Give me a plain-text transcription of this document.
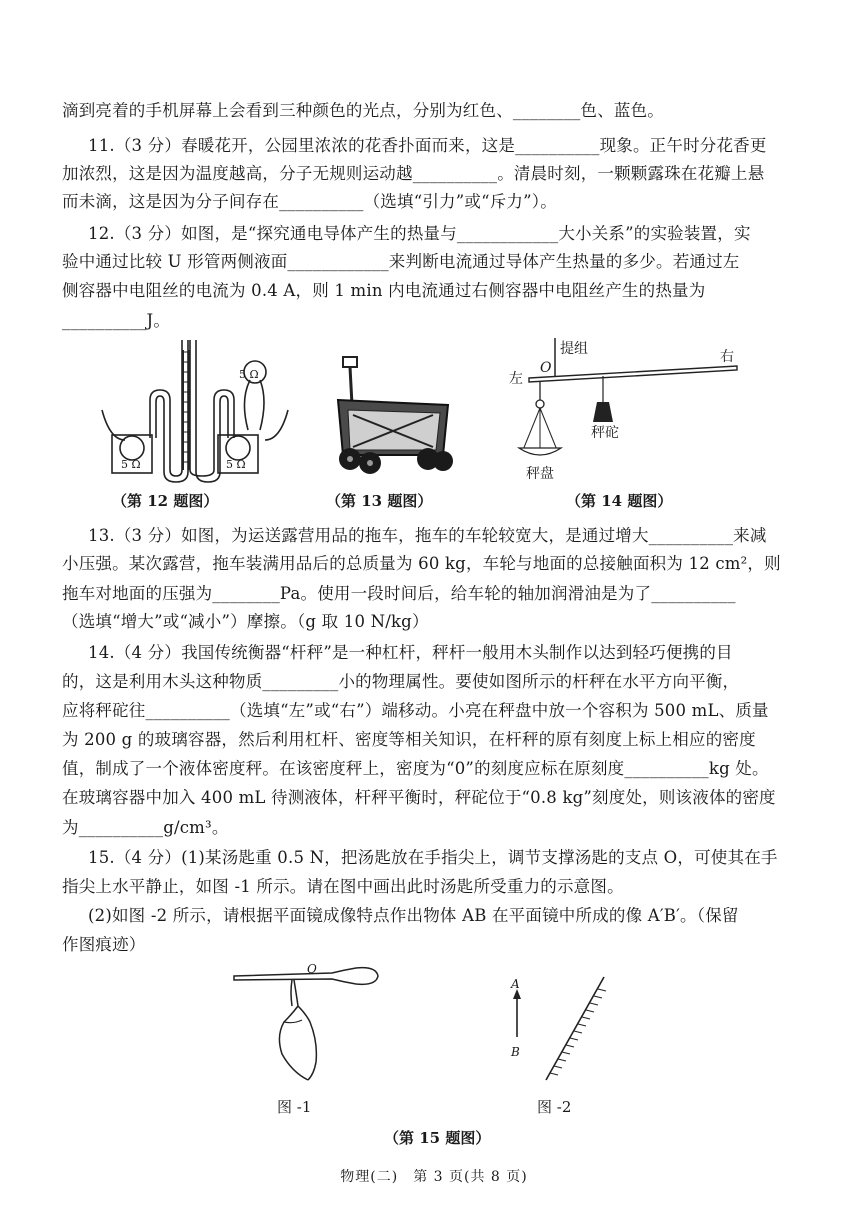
滴到亮着的手机屏幕上会看到三种颜色的光点，分别为红色、________色、蓝色。
11.（3 分）春暖花开，公园里浓浓的花香扑面而来，这是__________现象。正午时分花香更
加浓烈，这是因为温度越高，分子无规则运动越__________。清晨时刻，一颗颗露珠在花瓣上悬
而未滴，这是因为分子间存在__________（选填“引力”或“斥力”）。
12.（3 分）如图，是“探究通电导体产生的热量与____________大小关系”的实验装置，实
验中通过比较 U 形管两侧液面____________来判断电流通过导体产生热量的多少。若通过左
侧容器中电阻丝的电流为 0.4 A，则 1 min 内电流通过右侧容器中电阻丝产生的热量为
__________J。
5 Ω
5 Ω	5 Ω
提组
左
右
O
秤砣
秤盘
（第 12 题图）	（第 13 题图）	（第 14 题图）
13.（3 分）如图，为运送露营用品的拖车，拖车的车轮较宽大，是通过增大__________来减
小压强。某次露营，拖车装满用品后的总质量为 60 kg，车轮与地面的总接触面积为 12 cm²，则
拖车对地面的压强为________Pa。使用一段时间后，给车轮的轴加润滑油是为了__________
（选填“增大”或“减小”）摩擦。（g 取 10 N/kg）
14.（4 分）我国传统衡器“杆秤”是一种杠杆，秤杆一般用木头制作以达到轻巧便携的目
的，这是利用木头这种物质_________小的物理属性。要使如图所示的杆秤在水平方向平衡，
应将秤砣往__________（选填“左”或“右”）端移动。小亮在秤盘中放一个容积为 500 mL、质量
为 200 g 的玻璃容器，然后利用杠杆、密度等相关知识，在杆秤的原有刻度上标上相应的密度
值，制成了一个液体密度秤。在该密度秤上，密度为“0”的刻度应标在原刻度__________kg 处。
在玻璃容器中加入 400 mL 待测液体，杆秤平衡时，秤砣位于“0.8 kg”刻度处，则该液体的密度
为__________g/cm³。
15.（4 分）(1)某汤匙重 0.5 N，把汤匙放在手指尖上，调节支撑汤匙的支点 O，可使其在手
指尖上水平静止，如图 -1 所示。请在图中画出此时汤匙所受重力的示意图。
(2)如图 -2 所示，请根据平面镜成像特点作出物体 AB 在平面镜中所成的像 A′B′。（保留
作图痕迹）
O
A
B
图 -1	图 -2
（第 15 题图）
物理(二)　第 3 页(共 8 页)
